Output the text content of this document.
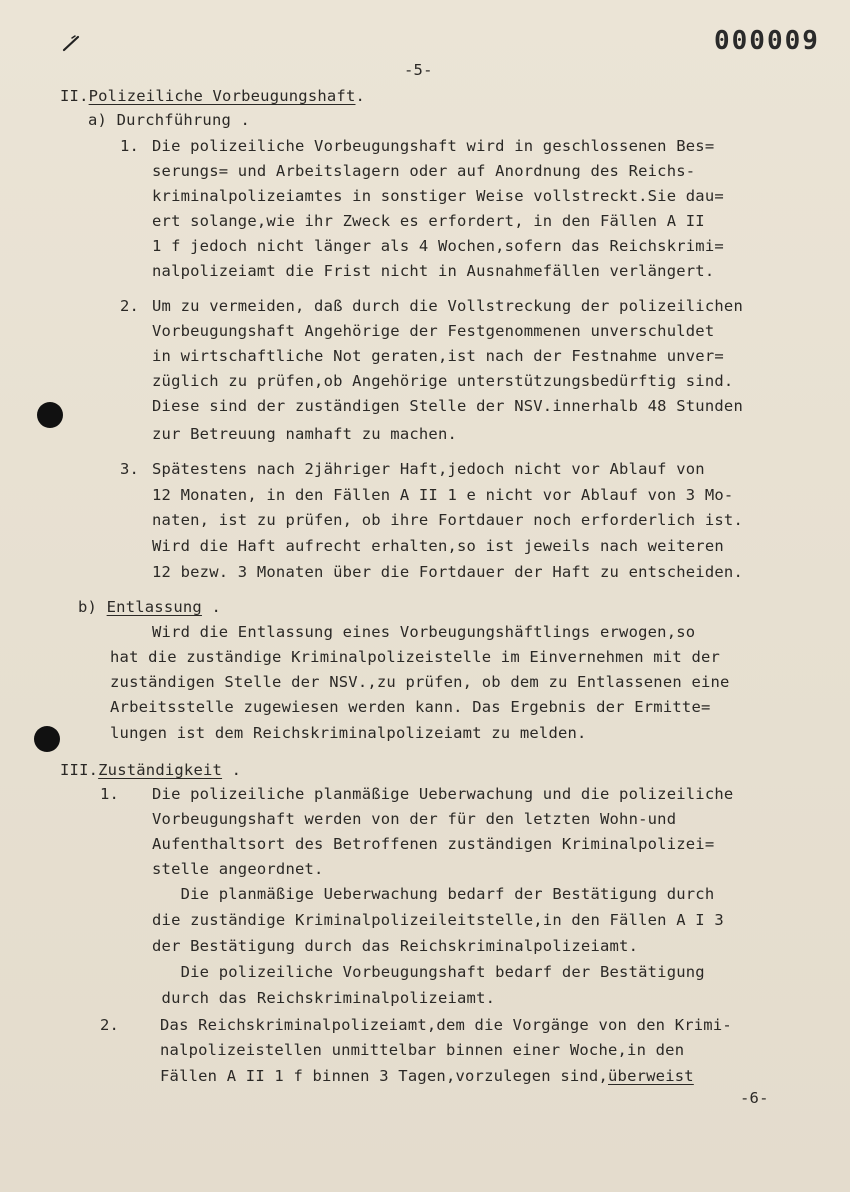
000009
-5-
II.Polizeiliche Vorbeugungshaft.
a) Durchführung .
1. Die polizeiliche Vorbeugungshaft wird in geschlossenen Bes=
serungs= und Arbeitslagern oder auf Anordnung des Reichs-
kriminalpolizeiamtes in sonstiger Weise vollstreckt.Sie dau=
ert solange,wie ihr Zweck es erfordert, in den Fällen A II
1 f jedoch nicht länger als 4 Wochen,sofern das Reichskrimi=
nalpolizeiamt die Frist nicht in Ausnahmefällen verlängert.
2. Um zu vermeiden, daß durch die Vollstreckung der polizeilichen
Vorbeugungshaft Angehörige der Festgenommenen unverschuldet
in wirtschaftliche Not geraten,ist nach der Festnahme unver=
züglich zu prüfen,ob Angehörige unterstützungsbedürftig sind.
Diese sind der zuständigen Stelle der NSV.innerhalb 48 Stunden
zur Betreuung namhaft zu machen.
3. Spätestens nach 2jähriger Haft,jedoch nicht vor Ablauf von
12 Monaten, in den Fällen A II 1 e nicht vor Ablauf von 3 Mo-
naten, ist zu prüfen, ob ihre Fortdauer noch erforderlich ist.
Wird die Haft aufrecht erhalten,so ist jeweils nach weiteren
12 bezw. 3 Monaten über die Fortdauer der Haft zu entscheiden.
b) Entlassung .
Wird die Entlassung eines Vorbeugungshäftlings erwogen,so
hat die zuständige Kriminalpolizeistelle im Einvernehmen mit der
zuständigen Stelle der NSV.,zu prüfen, ob dem zu Entlassenen eine
Arbeitsstelle zugewiesen werden kann. Das Ergebnis der Ermitte=
lungen ist dem Reichskriminalpolizeiamt zu melden.
III.Zuständigkeit .
1. Die polizeiliche planmäßige Ueberwachung und die polizeiliche
Vorbeugungshaft werden von der für den letzten Wohn-und
Aufenthaltsort des Betroffenen zuständigen Kriminalpolizei=
stelle angeordnet.
Die planmäßige Ueberwachung bedarf der Bestätigung durch
die zuständige Kriminalpolizeileitstelle,in den Fällen A I 3
der Bestätigung durch das Reichskriminalpolizeiamt.
Die polizeiliche Vorbeugungshaft bedarf der Bestätigung
durch das Reichskriminalpolizeiamt.
2.	Das Reichskriminalpolizeiamt,dem die Vorgänge von den Krimi-
nalpolizeistellen unmittelbar binnen einer Woche,in den
Fällen A II 1 f binnen 3 Tagen,vorzulegen sind,überweist
-6-
